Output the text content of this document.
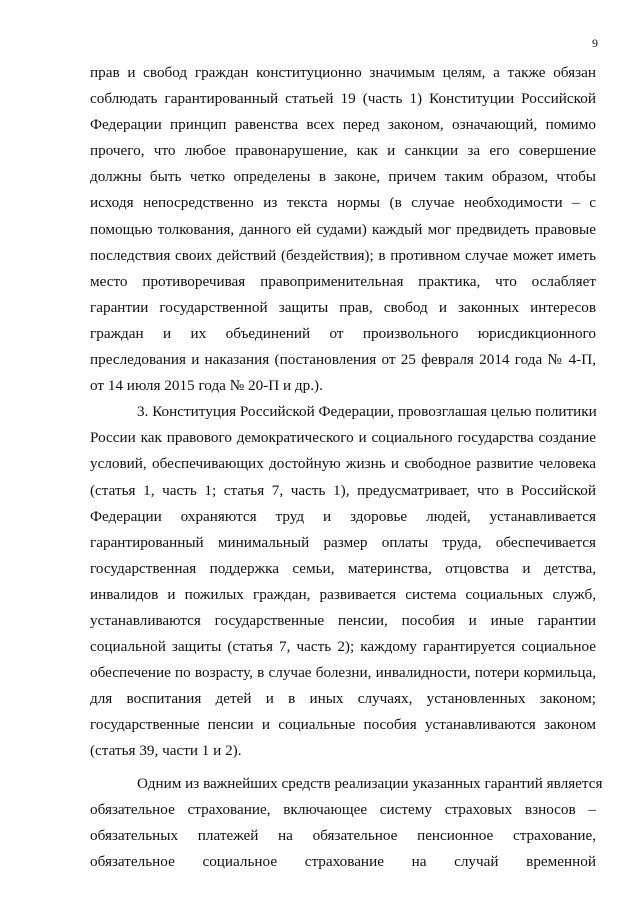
9
прав и свобод граждан конституционно значимым целям, а также обязан
соблюдать гарантированный статьей 19 (часть 1) Конституции Российской
Федерации принцип равенства всех перед законом, означающий, помимо
прочего, что любое правонарушение, как и санкции за его совершение
должны быть четко определены в законе, причем таким образом, чтобы
исходя непосредственно из текста нормы (в случае необходимости – с
помощью толкования, данного ей судами) каждый мог предвидеть правовые
последствия своих действий (бездействия); в противном случае может иметь
место противоречивая правоприменительная практика, что ослабляет
гарантии государственной защиты прав, свобод и законных интересов
граждан и их объединений от произвольного юрисдикционного
преследования и наказания (постановления от 25 февраля 2014 года № 4-П,
от 14 июля 2015 года № 20-П и др.).
3. Конституция Российской Федерации, провозглашая целью политики
России как правового демократического и социального государства создание
условий, обеспечивающих достойную жизнь и свободное развитие человека
(статья 1, часть 1; статья 7, часть 1), предусматривает, что в Российской
Федерации охраняются труд и здоровье людей, устанавливается
гарантированный минимальный размер оплаты труда, обеспечивается
государственная поддержка семьи, материнства, отцовства и детства,
инвалидов и пожилых граждан, развивается система социальных служб,
устанавливаются государственные пенсии, пособия и иные гарантии
социальной защиты (статья 7, часть 2); каждому гарантируется социальное
обеспечение по возрасту, в случае болезни, инвалидности, потери кормильца,
для воспитания детей и в иных случаях, установленных законом;
государственные пенсии и социальные пособия устанавливаются законом
(статья 39, части 1 и 2).
Одним из важнейших средств реализации указанных гарантий является
обязательное страхование, включающее систему страховых взносов –
обязательных платежей на обязательное пенсионное страхование,
обязательное социальное страхование на случай временной
